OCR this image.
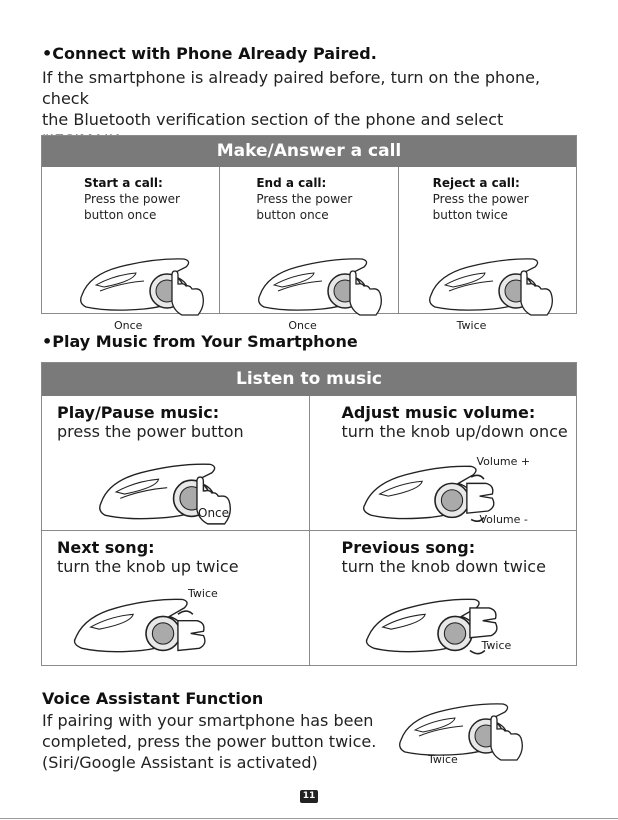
•Connect with Phone Already Paired.
If the smartphone is already paired before, turn on the phone, check
the Bluetooth verification section of the phone and select
Make/Answer a call
Start a call:
Press the power
button once
Once
End a call:
Press the power
button once
Once
Reject a call:
Press the power
button twice
Twice
•Play Music from Your Smartphone
Listen to music
Play/Pause music:
press the power button
Once
Adjust music volume:
turn the knob up/down once
Volume +
Volume -
Next song:
turn the knob up twice
Twice
Previous song:
turn the knob down twice
Twice
Voice Assistant Function
If pairing with your smartphone has been
completed, press the power button twice.
(Siri/Google Assistant is activated)	Twice
11
